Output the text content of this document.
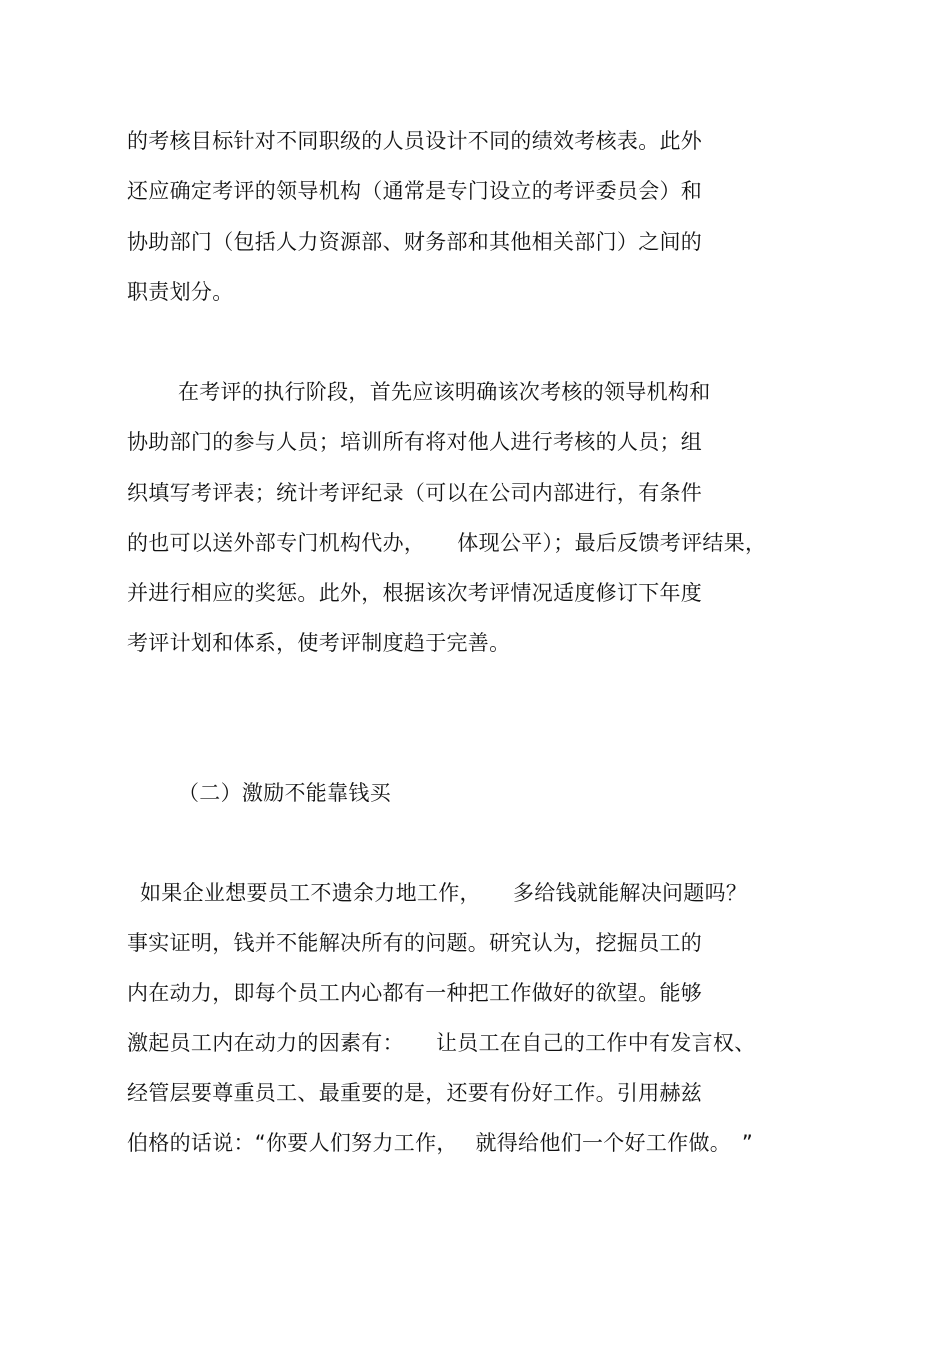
的考核目标针对不同职级的人员设计不同的绩效考核表。此外
还应确定考评的领导机构（通常是专门设立的考评委员会）和
协助部门（包括人力资源部、财务部和其他相关部门）之间的
职责划分。
在考评的执行阶段，首先应该明确该次考核的领导机构和
协助部门的参与人员；培训所有将对他人进行考核的人员；组
织填写考评表；统计考评纪录（可以在公司内部进行，有条件
的也可以送外部专门机构代办，　　体现公平）；最后反馈考评结果，
并进行相应的奖惩。此外，根据该次考评情况适度修订下年度
考评计划和体系，使考评制度趋于完善。
（二）激励不能靠钱买
如果企业想要员工不遗余力地工作，　　多给钱就能解决问题吗？
事实证明，钱并不能解决所有的问题。研究认为，挖掘员工的
内在动力，即每个员工内心都有一种把工作做好的欲望。能够
激起员工内在动力的因素有：　　让员工在自己的工作中有发言权、
经管层要尊重员工、最重要的是，还要有份好工作。引用赫兹
伯格的话说：“你要人们努力工作，　 就得给他们一个好工作做。　”
